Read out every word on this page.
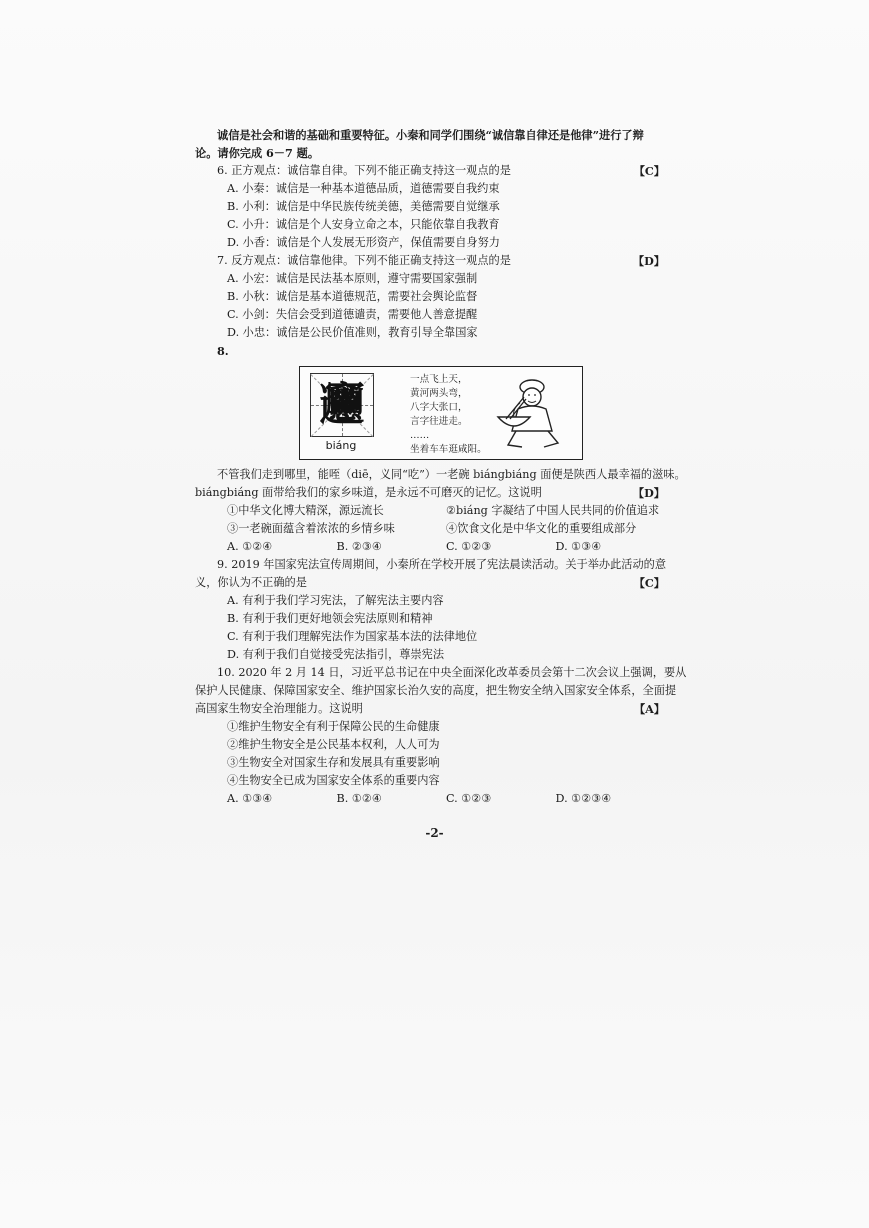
诚信是社会和谐的基础和重要特征。小秦和同学们围绕“诚信靠自律还是他律”进行了辩
论。请你完成 6－7 题。
6. 正方观点：诚信靠自律。下列不能正确支持这一观点的是	【C】
A. 小秦：诚信是一种基本道德品质，道德需要自我约束
B. 小利：诚信是中华民族传统美德，美德需要自觉继承
C. 小升：诚信是个人安身立命之本，只能依靠自我教育
D. 小香：诚信是个人发展无形资产，保值需要自身努力
7. 反方观点：诚信靠他律。下列不能正确支持这一观点的是	【D】
A. 小宏：诚信是民法基本原则，遵守需要国家强制
B. 小秋：诚信是基本道德规范，需要社会舆论监督
C. 小剑：失信会受到道德谴责，需要他人善意提醒
D. 小忠：诚信是公民价值准则，教育引导全靠国家
8.
𰻞
biáng
一点飞上天，
黄河两头弯，
八字大张口，
言字往进走。
……
坐着车车逛咸阳。
不管我们走到哪里，能咥（diē，义同“吃”）一老碗 biángbiáng 面便是陕西人最幸福的滋味。
biángbiáng 面带给我们的家乡味道，是永远不可磨灭的记忆。这说明	【D】
①中华文化博大精深，源远流长	②biáng 字凝结了中国人民共同的价值追求
③一老碗面蕴含着浓浓的乡情乡味	④饮食文化是中华文化的重要组成部分
A. ①②④	B. ②③④	C. ①②③	D. ①③④
9. 2019 年国家宪法宣传周期间，小秦所在学校开展了宪法晨读活动。关于举办此活动的意
义，你认为不正确的是	【C】
A. 有利于我们学习宪法，了解宪法主要内容
B. 有利于我们更好地领会宪法原则和精神
C. 有利于我们理解宪法作为国家基本法的法律地位
D. 有利于我们自觉接受宪法指引，尊崇宪法
10. 2020 年 2 月 14 日，习近平总书记在中央全面深化改革委员会第十二次会议上强调，要从
保护人民健康、保障国家安全、维护国家长治久安的高度，把生物安全纳入国家安全体系，全面提
高国家生物安全治理能力。这说明	【A】
①维护生物安全有利于保障公民的生命健康
②维护生物安全是公民基本权利，人人可为
③生物安全对国家生存和发展具有重要影响
④生物安全已成为国家安全体系的重要内容
A. ①③④	B. ①②④	C. ①②③	D. ①②③④
-2-
